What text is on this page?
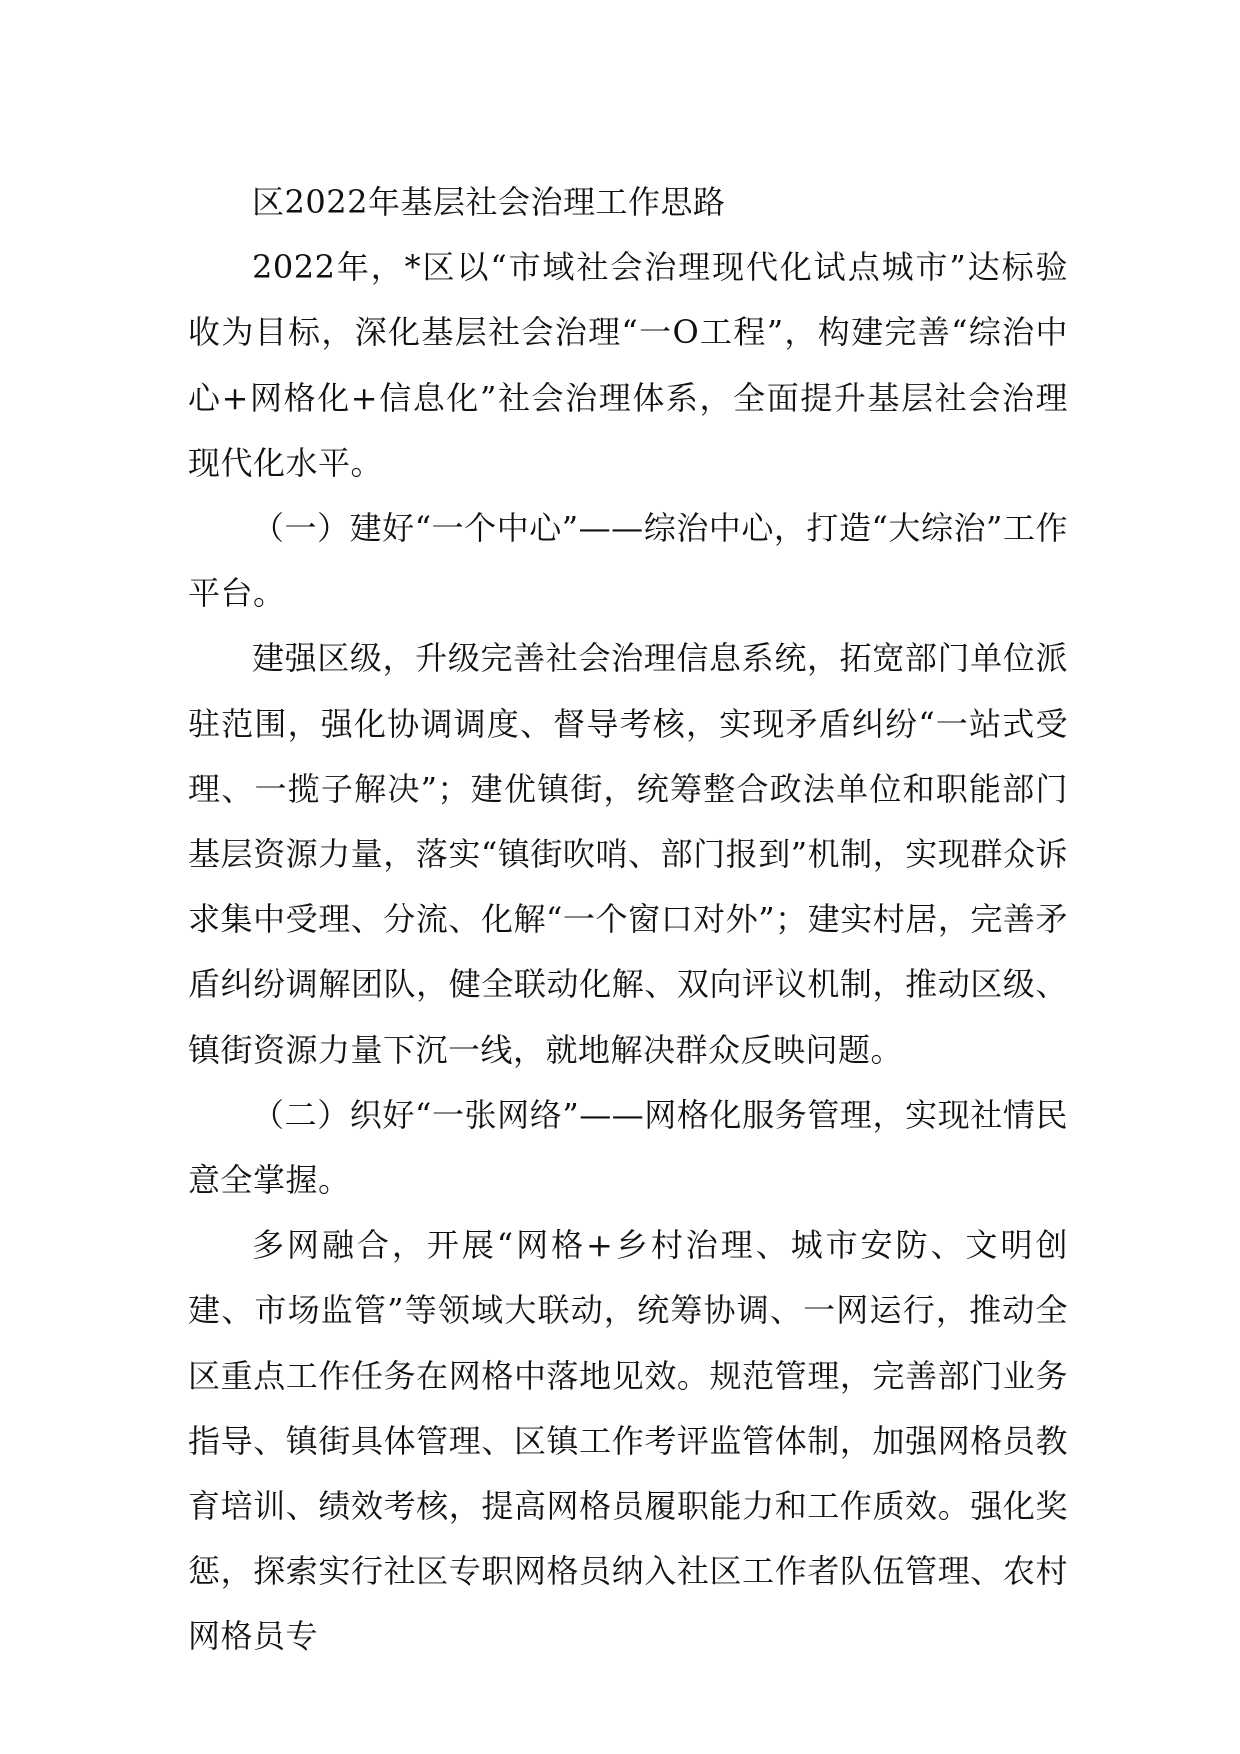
区2022年基层社会治理工作思路

2022年，*区以“市域社会治理现代化试点城市”达标验收为目标，深化基层社会治理“一O工程”，构建完善“综治中心+网格化+信息化”社会治理体系，全面提升基层社会治理现代化水平。

（一）建好“一个中心”——综治中心，打造“大综治”工作平台。

建强区级，升级完善社会治理信息系统，拓宽部门单位派驻范围，强化协调调度、督导考核，实现矛盾纠纷“一站式受理、一揽子解决”；建优镇街，统筹整合政法单位和职能部门基层资源力量，落实“镇街吹哨、部门报到”机制，实现群众诉求集中受理、分流、化解“一个窗口对外”；建实村居，完善矛盾纠纷调解团队，健全联动化解、双向评议机制，推动区级、镇街资源力量下沉一线，就地解决群众反映问题。

（二）织好“一张网络”——网格化服务管理，实现社情民意全掌握。

多网融合，开展“网格+乡村治理、城市安防、文明创建、市场监管”等领域大联动，统筹协调、一网运行，推动全区重点工作任务在网格中落地见效。规范管理，完善部门业务指导、镇街具体管理、区镇工作考评监管体制，加强网格员教育培训、绩效考核，提高网格员履职能力和工作质效。强化奖惩，探索实行社区专职网格员纳入社区工作者队伍管理、农村网格员专
